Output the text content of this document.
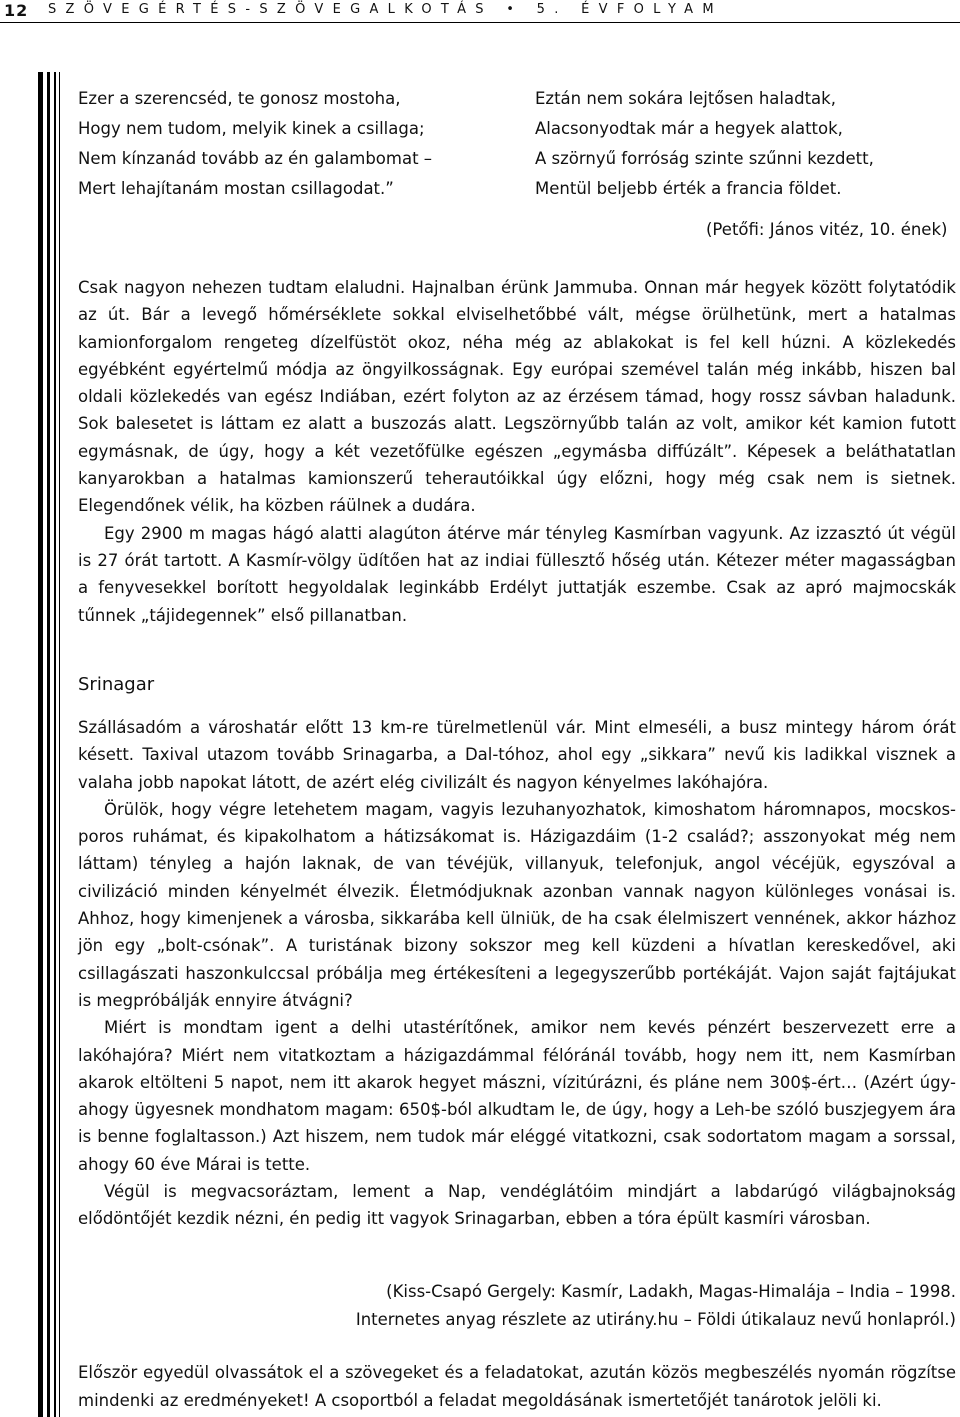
12 SZÖVEGÉRTÉS-SZÖVEGALKOTÁS • 5. ÉVFOLYAM
Ezer a szerencséd, te gonosz mostoha,
Hogy nem tudom, melyik kinek a csillaga;
Nem kínzanád tovább az én galambomat –
Mert lehajítanám mostan csillagodat.”
Eztán nem sokára lejtősen haladtak,
Alacsonyodtak már a hegyek alattok,
A szörnyű forróság szinte szűnni kezdett,
Mentül beljebb érték a francia földet.
(Petőfi: János vitéz, 10. ének)

Csak nagyon nehezen tudtam elaludni. Hajnalban érünk Jammuba. Onnan már hegyek között folytatódik az út. Bár a levegő hőmérséklete sokkal elviselhetőbbé vált, mégse örülhetünk, mert a hatalmas kamionforgalom rengeteg dízelfüstöt okoz, néha még az ablakokat is fel kell húzni. A közlekedés egyébként egyértelmű módja az öngyilkosságnak. Egy európai szemével talán még inkább, hiszen bal oldali közlekedés van egész Indiában, ezért folyton az az érzésem támad, hogy rossz sávban haladunk. Sok balesetet is láttam ez alatt a buszozás alatt. Legszörnyűbb talán az volt, amikor két kamion futott egymásnak, de úgy, hogy a két vezetőfülke egészen „egymásba diffúzált”. Képesek a beláthatatlan kanyarokban a hatalmas kamionszerű teherautóikkal úgy előzni, hogy még csak nem is sietnek. Elegendőnek vélik, ha közben ráülnek a dudára.

Egy 2900 m magas hágó alatti alagúton átérve már tényleg Kasmírban vagyunk. Az izzasztó út végül is 27 órát tartott. A Kasmír-völgy üdítően hat az indiai füllesztő hőség után. Kétezer méter magasságban a fenyvesekkel borított hegyoldalak leginkább Erdélyt juttatják eszembe. Csak az apró majmocskák tűnnek „tájidegennek” első pillanatban.

Srinagar

Szállásadóm a városhatár előtt 13 km-re türelmetlenül vár. Mint elmeséli, a busz mintegy három órát késett. Taxival utazom tovább Srinagarba, a Dal-tóhoz, ahol egy „sikkara” nevű kis ladikkal visznek a valaha jobb napokat látott, de azért elég civilizált és nagyon kényelmes lakóhajóra.

Örülök, hogy végre letehetem magam, vagyis lezuhanyozhatok, kimoshatom háromnapos, mocskos-poros ruhámat, és kipakolhatom a hátizsákomat is. Házigazdáim (1-2 család?; asszonyokat még nem láttam) tényleg a hajón laknak, de van tévéjük, villanyuk, telefonjuk, angol vécéjük, egyszóval a civilizáció minden kényelmét élvezik. Életmódjuknak azonban vannak nagyon különleges vonásai is. Ahhoz, hogy kimenjenek a városba, sikkarába kell ülniük, de ha csak élelmiszert vennének, akkor házhoz jön egy „bolt-csónak”. A turistának bizony sokszor meg kell küzdeni a hívatlan kereskedővel, aki csillagászati haszonkulccsal próbálja meg értékesíteni a legegyszerűbb portékáját. Vajon saját fajtájukat is megpróbálják ennyire átvágni?

Miért is mondtam igent a delhi utastérítőnek, amikor nem kevés pénzért beszervezett erre a lakóhajóra? Miért nem vitatkoztam a házigazdámmal félóránál tovább, hogy nem itt, nem Kasmírban akarok eltölteni 5 napot, nem itt akarok hegyet mászni, vízitúrázni, és pláne nem 300$-ért… (Azért úgy-ahogy ügyesnek mondhatom magam: 650$-ból alkudtam le, de úgy, hogy a Leh-be szóló buszjegyem ára is benne foglaltasson.) Azt hiszem, nem tudok már eléggé vitatkozni, csak sodortatom magam a sorssal, ahogy 60 éve Márai is tette.

Végül is megvacsoráztam, lement a Nap, vendéglátóim mindjárt a labdarúgó világbajnokság elődöntőjét kezdik nézni, én pedig itt vagyok Srinagarban, ebben a tóra épült kasmíri városban.

(Kiss-Csapó Gergely: Kasmír, Ladakh, Magas-Himalája – India – 1998.
Internetes anyag részlete az utirány.hu – Földi útikalauz nevű honlapról.)

Először egyedül olvassátok el a szövegeket és a feladatokat, azután közös megbeszélés nyomán rögzítse mindenki az eredményeket! A csoportból a feladat megoldásának ismertetőjét tanárotok jelöli ki.
